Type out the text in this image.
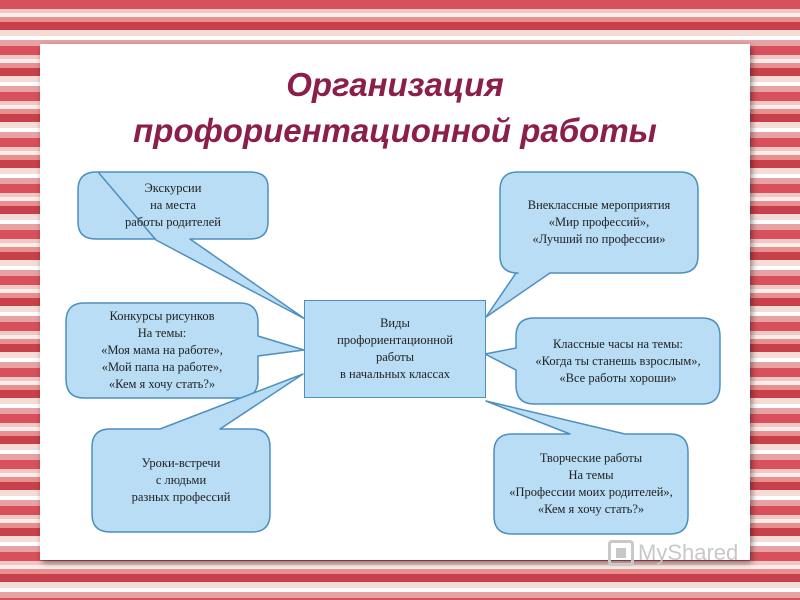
Организация
профориентационной работы
Виды
профориентационной
работы
в начальных классах
Экскурсии
на места
работы родителей
Внеклассные мероприятия
«Мир профессий»,
«Лучший по профессии»
Конкурсы рисунков
На темы:
«Моя мама на работе»,
«Мой папа на работе»,
«Кем я хочу стать?»
Классные часы на темы:
«Когда ты станешь взрослым»,
«Все работы хороши»
Уроки-встречи
с людьми
разных профессий
Творческие работы
На темы
«Профессии моих родителей»,
«Кем я хочу стать?»
MyShared
